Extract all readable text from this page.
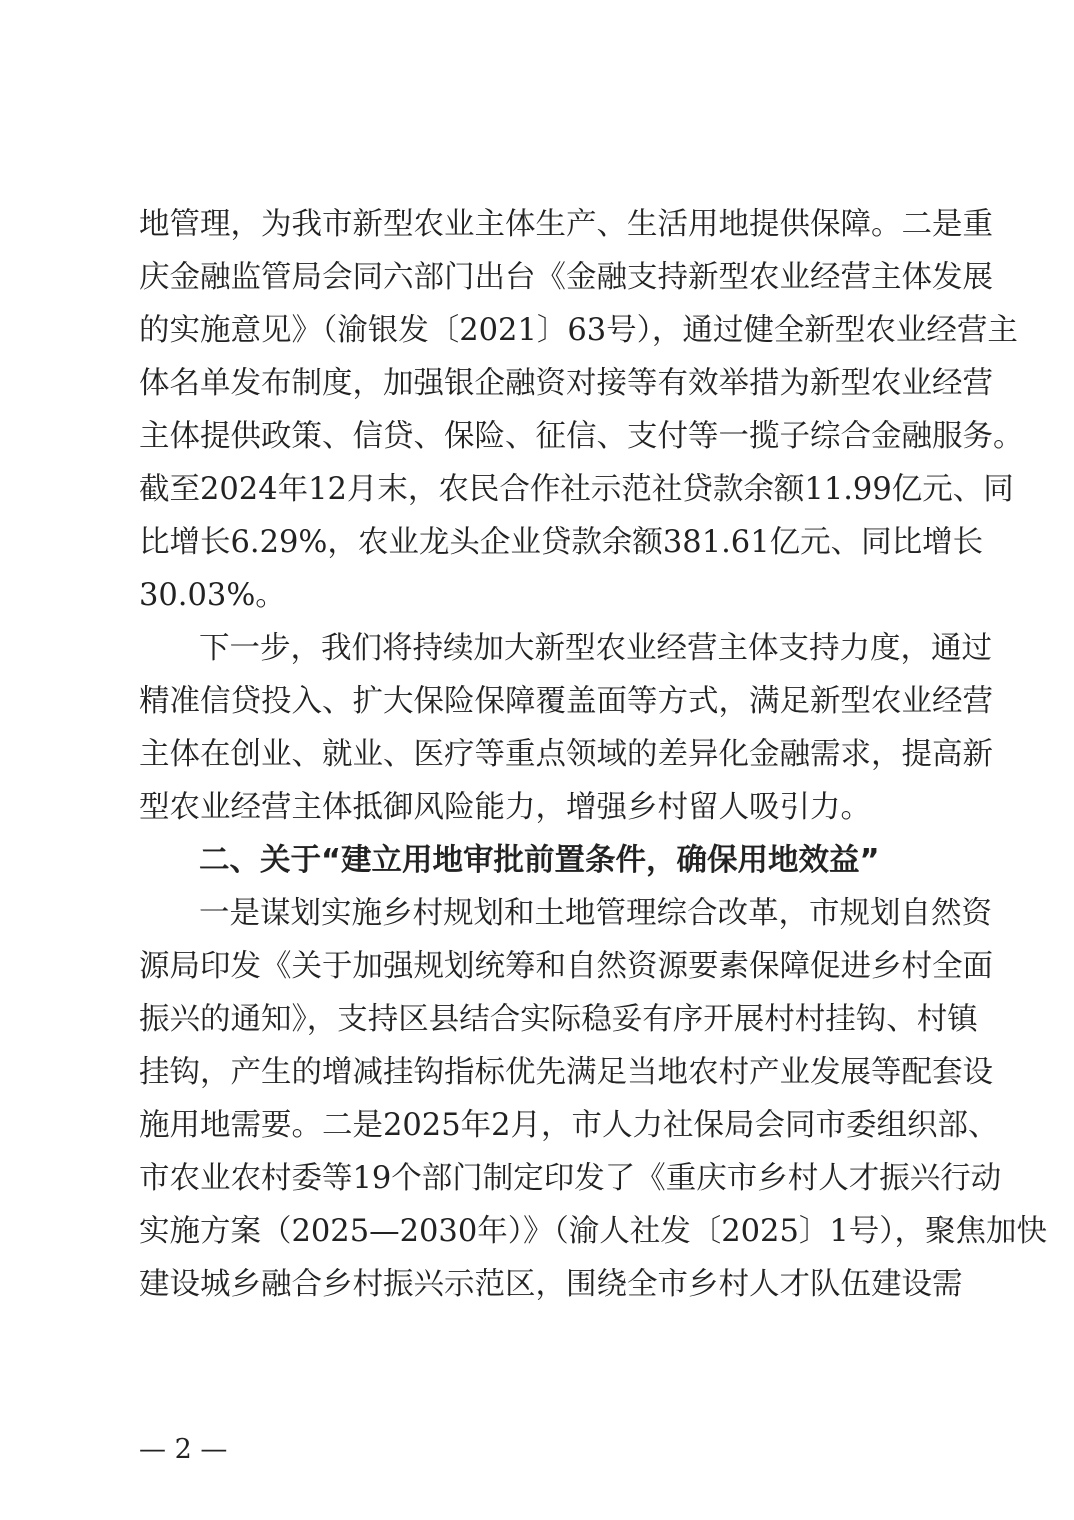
地管理，为我市新型农业主体生产、生活用地提供保障。二是重
庆金融监管局会同六部门出台《金融支持新型农业经营主体发展
的实施意见》（渝银发〔2021〕63号），通过健全新型农业经营主
体名单发布制度，加强银企融资对接等有效举措为新型农业经营
主体提供政策、信贷、保险、征信、支付等一揽子综合金融服务。
截至2024年12月末，农民合作社示范社贷款余额11.99亿元、同
比增长6.29%，农业龙头企业贷款余额381.61亿元、同比增长
30.03%。
下一步，我们将持续加大新型农业经营主体支持力度，通过
精准信贷投入、扩大保险保障覆盖面等方式，满足新型农业经营
主体在创业、就业、医疗等重点领域的差异化金融需求，提高新
型农业经营主体抵御风险能力，增强乡村留人吸引力。
二、关于“建立用地审批前置条件，确保用地效益”
一是谋划实施乡村规划和土地管理综合改革，市规划自然资
源局印发《关于加强规划统筹和自然资源要素保障促进乡村全面
振兴的通知》，支持区县结合实际稳妥有序开展村村挂钩、村镇
挂钩，产生的增减挂钩指标优先满足当地农村产业发展等配套设
施用地需要。二是2025年2月，市人力社保局会同市委组织部、
市农业农村委等19个部门制定印发了《重庆市乡村人才振兴行动
实施方案（2025—2030年）》（渝人社发〔2025〕1号），聚焦加快
建设城乡融合乡村振兴示范区，围绕全市乡村人才队伍建设需
— 2 —
